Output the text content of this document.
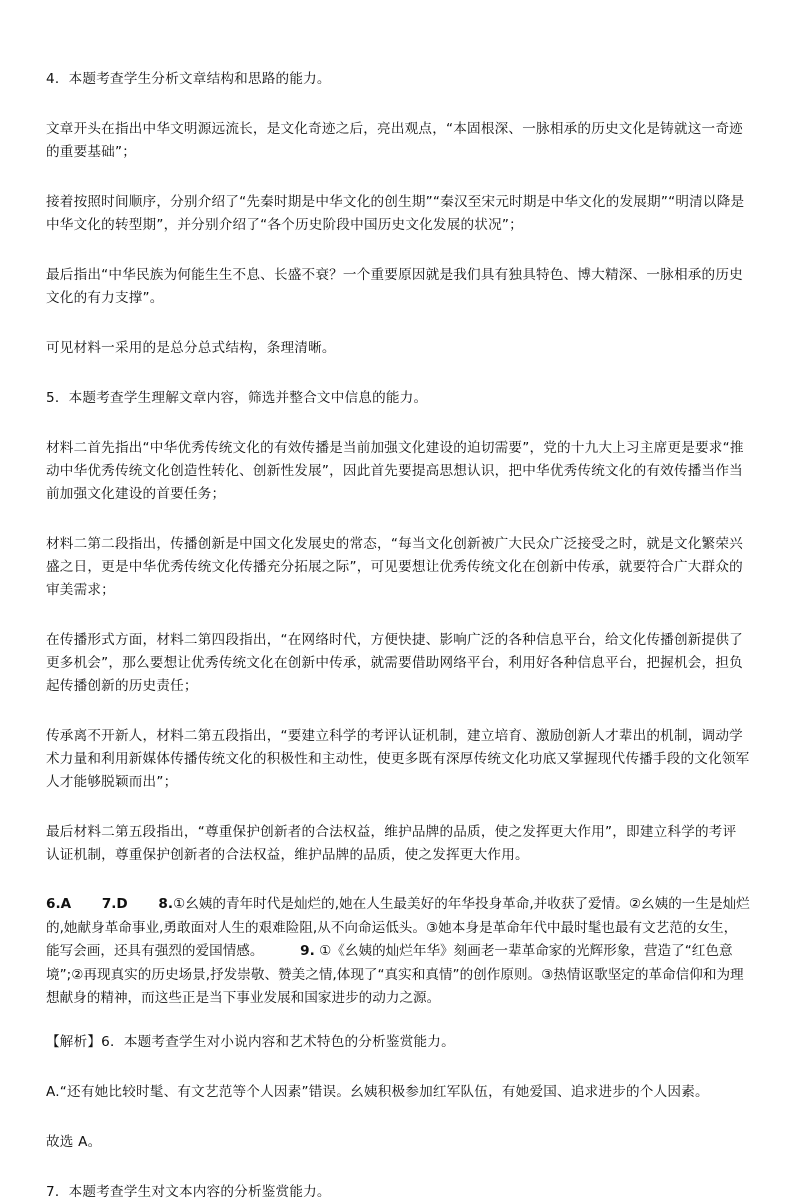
4．本题考查学生分析文章结构和思路的能力。

文章开头在指出中华文明源远流长，是文化奇迹之后，亮出观点，“本固根深、一脉相承的历史文化是铸就这一奇迹的重要基础”；

接着按照时间顺序，分别介绍了“先秦时期是中华文化的创生期”“秦汉至宋元时期是中华文化的发展期”“明清以降是中华文化的转型期”，并分别介绍了“各个历史阶段中国历史文化发展的状况”；

最后指出“中华民族为何能生生不息、长盛不衰？一个重要原因就是我们具有独具特色、博大精深、一脉相承的历史文化的有力支撑”。

可见材料一采用的是总分总式结构，条理清晰。

5．本题考查学生理解文章内容，筛选并整合文中信息的能力。

材料二首先指出“中华优秀传统文化的有效传播是当前加强文化建设的迫切需要”，党的十九大上习主席更是要求“推动中华优秀传统文化创造性转化、创新性发展”，因此首先要提高思想认识，把中华优秀传统文化的有效传播当作当前加强文化建设的首要任务；

材料二第二段指出，传播创新是中国文化发展史的常态，“每当文化创新被广大民众广泛接受之时，就是文化繁荣兴盛之日，更是中华优秀传统文化传播充分拓展之际”，可见要想让优秀传统文化在创新中传承，就要符合广大群众的审美需求；

在传播形式方面，材料二第四段指出，“在网络时代，方便快捷、影响广泛的各种信息平台，给文化传播创新提供了更多机会”，那么要想让优秀传统文化在创新中传承，就需要借助网络平台，利用好各种信息平台，把握机会，担负起传播创新的历史责任；

传承离不开新人，材料二第五段指出，“要建立科学的考评认证机制，建立培育、激励创新人才辈出的机制，调动学术力量和利用新媒体传播传统文化的积极性和主动性，使更多既有深厚传统文化功底又掌握现代传播手段的文化领军人才能够脱颖而出”；

最后材料二第五段指出，“尊重保护创新者的合法权益，维护品牌的品质，使之发挥更大作用”，即建立科学的考评认证机制，尊重保护创新者的合法权益，维护品牌的品质，使之发挥更大作用。

6.A 7.D 8.①幺姨的青年时代是灿烂的,她在人生最美好的年华投身革命,并收获了爱情。②幺姨的一生是灿烂的,她献身革命事业,勇敢面对人生的艰难险阻,从不向命运低头。③她本身是革命年代中最时髦也最有文艺范的女生，能写会画，还具有强烈的爱国情感。	9. ①《幺姨的灿烂年华》刻画老一辈革命家的光辉形象，营造了“红色意境”;②再现真实的历史场景,抒发崇敬、赞美之情,体现了“真实和真情”的创作原则。③热情讴歌坚定的革命信仰和为理想献身的精神，而这些正是当下事业发展和国家进步的动力之源。

【解析】6．本题考查学生对小说内容和艺术特色的分析鉴赏能力。

A.“还有她比较时髦、有文艺范等个人因素”错误。幺姨积极参加红军队伍，有她爱国、追求进步的个人因素。

故选 A。

7．本题考查学生对文本内容的分析鉴赏能力。
